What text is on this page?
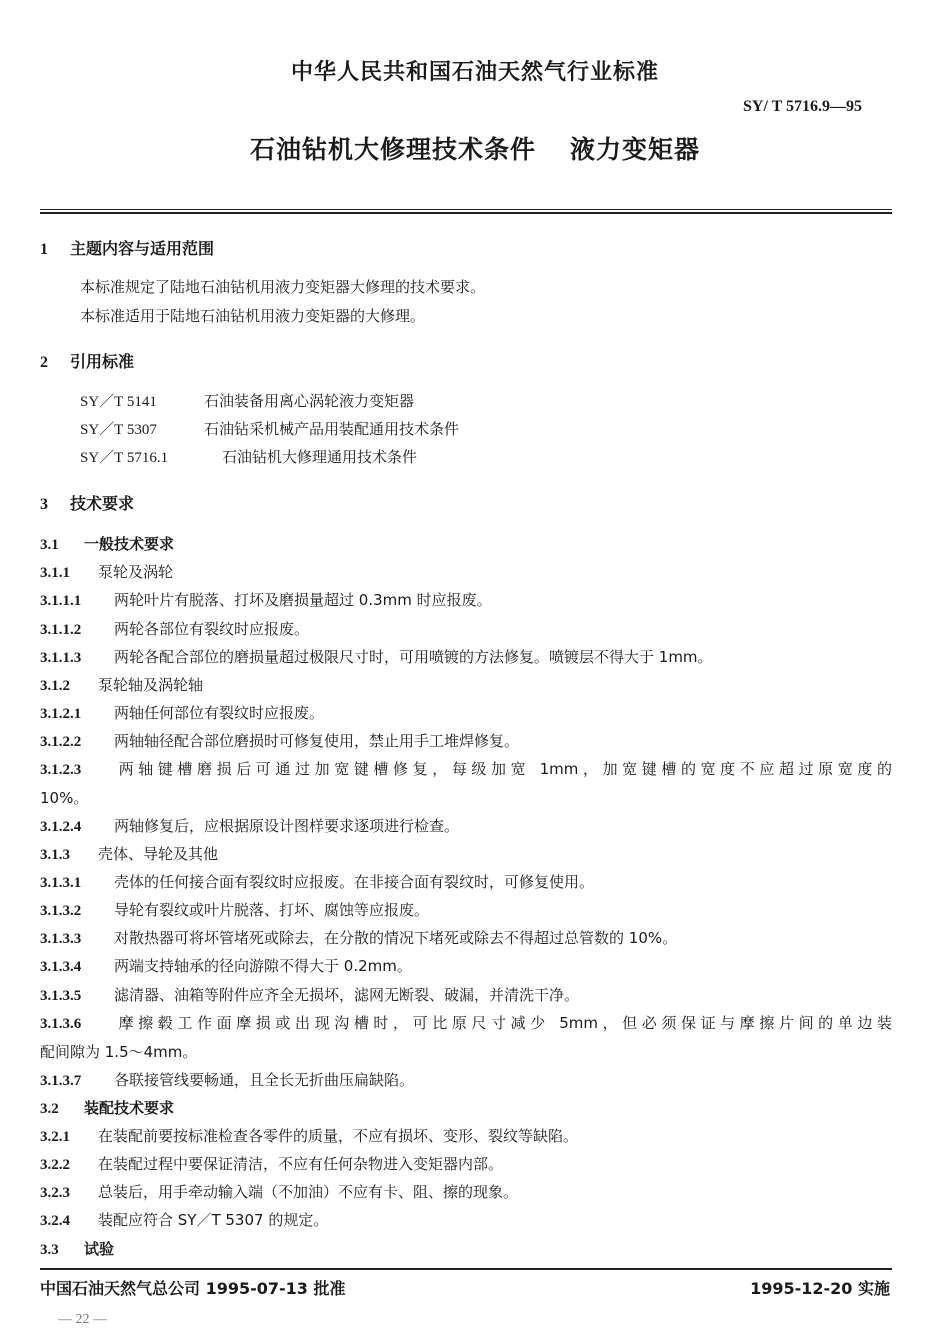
中华人民共和国石油天然气行业标准
SY/ T 5716.9—95
石油钻机大修理技术条件 液力变矩器
1 主题内容与适用范围
本标准规定了陆地石油钻机用液力变矩器大修理的技术要求。
本标准适用于陆地石油钻机用液力变矩器的大修理。
2 引用标准
SY／T 5141	石油装备用离心涡轮液力变矩器
SY／T 5307	石油钻采机械产品用装配通用技术条件
SY／T 5716.1	石油钻机大修理通用技术条件
3 技术要求
3.1 一般技术要求
3.1.1 泵轮及涡轮
3.1.1.1 两轮叶片有脱落、打坏及磨损量超过 0.3mm 时应报废。
3.1.1.2 两轮各部位有裂纹时应报废。
3.1.1.3 两轮各配合部位的磨损量超过极限尺寸时，可用喷镀的方法修复。喷镀层不得大于 1mm。
3.1.2 泵轮轴及涡轮轴
3.1.2.1 两轴任何部位有裂纹时应报废。
3.1.2.2 两轴轴径配合部位磨损时可修复使用，禁止用手工堆焊修复。
3.1.2.3 两轴键槽磨损后可通过加宽键槽修复，每级加宽 1mm，加宽键槽的宽度不应超过原宽度的
10%。
3.1.2.4 两轴修复后，应根据原设计图样要求逐项进行检查。
3.1.3 壳体、导轮及其他
3.1.3.1 壳体的任何接合面有裂纹时应报废。在非接合面有裂纹时，可修复使用。
3.1.3.2 导轮有裂纹或叶片脱落、打坏、腐蚀等应报废。
3.1.3.3 对散热器可将坏管堵死或除去，在分散的情况下堵死或除去不得超过总管数的 10%。
3.1.3.4 两端支持轴承的径向游隙不得大于 0.2mm。
3.1.3.5 滤清器、油箱等附件应齐全无损坏，滤网无断裂、破漏，并清洗干净。
3.1.3.6 摩擦毂工作面摩损或出现沟槽时，可比原尺寸减少 5mm，但必须保证与摩擦片间的单边装
配间隙为 1.5～4mm。
3.1.3.7 各联接管线要畅通，且全长无折曲压扁缺陷。
3.2 装配技术要求
3.2.1 在装配前要按标准检查各零件的质量，不应有损坏、变形、裂纹等缺陷。
3.2.2 在装配过程中要保证清洁，不应有任何杂物进入变矩器内部。
3.2.3 总装后，用手牵动输入端（不加油）不应有卡、阻、擦的现象。
3.2.4 装配应符合 SY／T 5307 的规定。
3.3 试验
中国石油天然气总公司 1995-07-13 批准	1995-12-20 实施
— 22 —
